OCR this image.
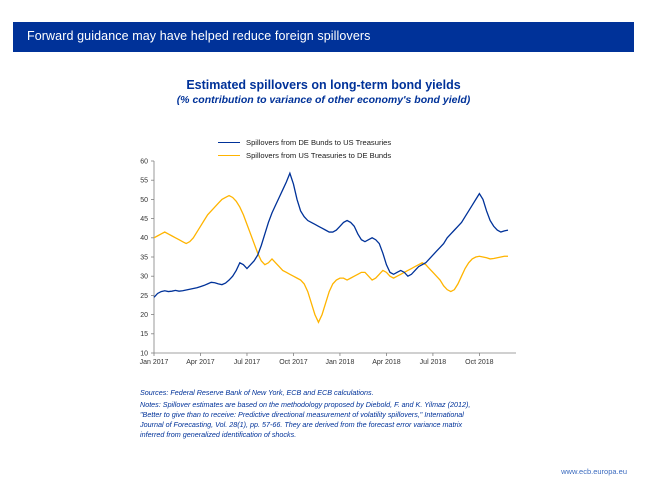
Forward guidance may have helped reduce foreign spillovers
Estimated spillovers on long-term bond yields
(% contribution to variance of other economy's bond yield)
Spillovers from DE Bunds to US Treasuries
Spillovers from US Treasuries to DE Bunds
10
15
20
25
30
35
40
45
50
55
60
Jan 2017	Apr 2017	Jul 2017	Oct 2017	Jan 2018	Apr 2018	Jul 2018	Oct 2018
Sources: Federal Reserve Bank of New York, ECB and ECB calculations.
Notes: Spillover estimates are based on the methodology proposed by Diebold, F. and K. Yilmaz (2012),
"Better to give than to receive: Predictive directional measurement of volatility spillovers," International
Journal of Forecasting, Vol. 28(1), pp. 57-66. They are derived from the forecast error variance matrix
inferred from generalized identification of shocks.
www.ecb.europa.eu
